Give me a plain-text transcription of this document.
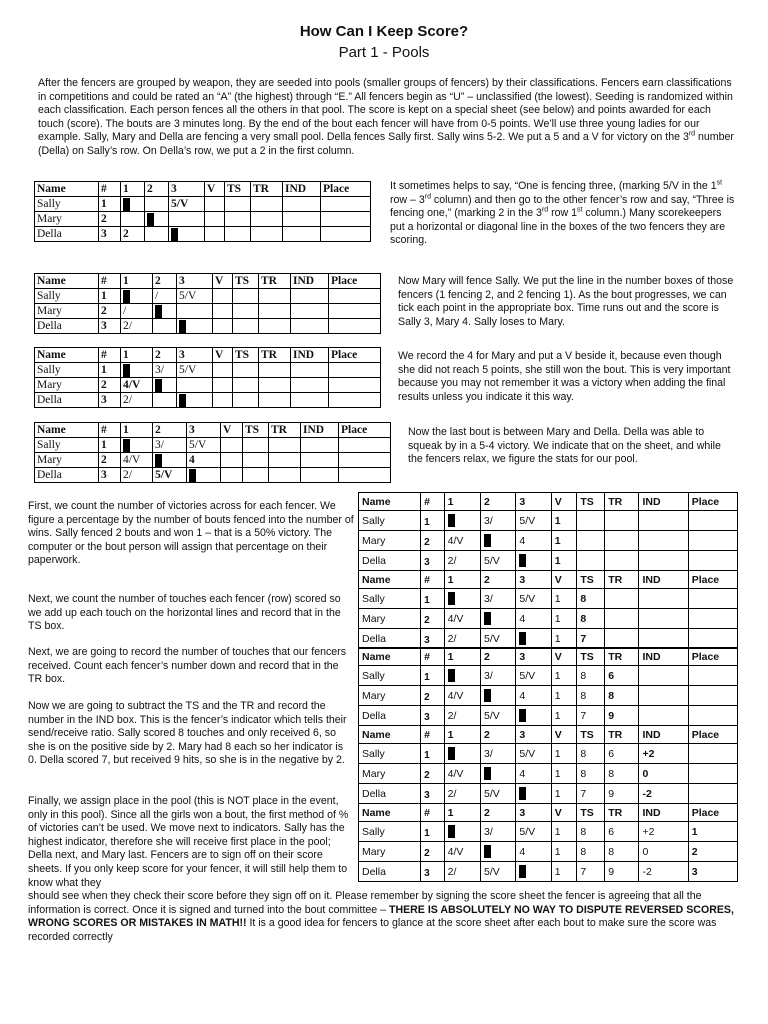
How Can I Keep Score?
Part 1 - Pools
After the fencers are grouped by weapon, they are seeded into pools (smaller groups of fencers) by their classifications. Fencers earn classifications in competitions and could be rated an “A” (the highest) through “E.” All fencers begin as “U” – unclassified (the lowest). Seeding is randomized within each classification. Each person fences all the others in that pool. The score is kept on a special sheet (see below) and points awarded for each touch (score). The bouts are 3 minutes long. By the end of the bout each fencer will have from 0-5 points. We’ll use three young ladies for our example. Sally, Mary and Della are fencing a very small pool. Della fences Sally first. Sally wins 5-2. We put a 5 and a V for victory on the 3rd number (Della) on Sally’s row. On Della’s row, we put a 2 in the first column.
Name	#	1	2	3	V	TS	TR	IND	Place
Sally	1			5/V					
Mary	2								
Della	3	2							
It sometimes helps to say, “One is fencing three, (marking 5/V in the 1st row – 3rd column) and then go to the other fencer’s row and say, “Three is fencing one,” (marking 2 in the 3rd row 1st column.) Many scorekeepers put a horizontal or diagonal line in the boxes of the two fencers they are scoring.
Name	#	1	2	3	V	TS	TR	IND	Place
Sally	1		/	5/V					
Mary	2	/							
Della	3	2/							
Now Mary will fence Sally. We put the line in the number boxes of those fencers (1 fencing 2, and 2 fencing 1). As the bout progresses, we can tick each point in the appropriate box. Time runs out and the score is Sally 3, Mary 4. Sally loses to Mary.
Name	#	1	2	3	V	TS	TR	IND	Place
Sally	1		3/	5/V					
Mary	2	4/V							
Della	3	2/							
We record the 4 for Mary and put a V beside it, because even though she did not reach 5 points, she still won the bout. This is very important because you may not remember it was a victory when adding the final results unless you indicate it this way.
Name	#	1	2	3	V	TS	TR	IND	Place
Sally	1		3/	5/V					
Mary	2	4/V		4					
Della	3	2/	5/V						
Now the last bout is between Mary and Della. Della was able to squeak by in a 5-4 victory. We indicate that on the sheet, and while the fencers relax, we figure the stats for our pool.
First, we count the number of victories across for each fencer. We figure a percentage by the number of bouts fenced into the number of wins. Sally fenced 2 bouts and won 1 – that is a 50% victory. The computer or the bout person will assign that percentage on their paperwork.
Next, we count the number of touches each fencer (row) scored so we add up each touch on the horizontal lines and record that in the TS box.
Next, we are going to record the number of touches that our fencers received. Count each fencer’s number down and record that in the TR box.
Now we are going to subtract the TS and the TR and record the number in the IND box. This is the fencer’s indicator which tells their send/receive ratio. Sally scored 8 touches and only received 6, so she is on the positive side by 2. Mary had 8 each so her indicator is 0. Della scored 7, but received 9 hits, so she is in the negative by 2.
Finally, we assign place in the pool (this is NOT place in the event, only in this pool). Since all the girls won a bout, the first method of % of victories can’t be used. We move next to indicators. Sally has the highest indicator, therefore she will receive first place in the pool; Della next, and Mary last. Fencers are to sign off on their score sheets. If you only keep score for your fencer, it will still help them to know what they
should see when they check their score before they sign off on it. Please remember by signing the score sheet the fencer is agreeing that all the information is correct. Once it is signed and turned into the bout committee – THERE IS ABSOLUTELY NO WAY TO DISPUTE REVERSED SCORES, WRONG SCORES OR MISTAKES IN MATH!! It is a good idea for fencers to glance at the score sheet after each bout to make sure the score was recorded correctly
Name	#	1	2	3	V	TS	TR	IND	Place
Sally	1		3/	5/V	1				
Mary	2	4/V		4	1				
Della	3	2/	5/V		1				
Name	#	1	2	3	V	TS	TR	IND	Place
Sally	1		3/	5/V	1	8			
Mary	2	4/V		4	1	8			
Della	3	2/	5/V		1	7			
Name	#	1	2	3	V	TS	TR	IND	Place
Sally	1		3/	5/V	1	8	6		
Mary	2	4/V		4	1	8	8		
Della	3	2/	5/V		1	7	9		
Name	#	1	2	3	V	TS	TR	IND	Place
Sally	1		3/	5/V	1	8	6	+2	
Mary	2	4/V		4	1	8	8	0	
Della	3	2/	5/V		1	7	9	-2	
Name	#	1	2	3	V	TS	TR	IND	Place
Sally	1		3/	5/V	1	8	6	+2	1
Mary	2	4/V		4	1	8	8	0	2
Della	3	2/	5/V		1	7	9	-2	3
